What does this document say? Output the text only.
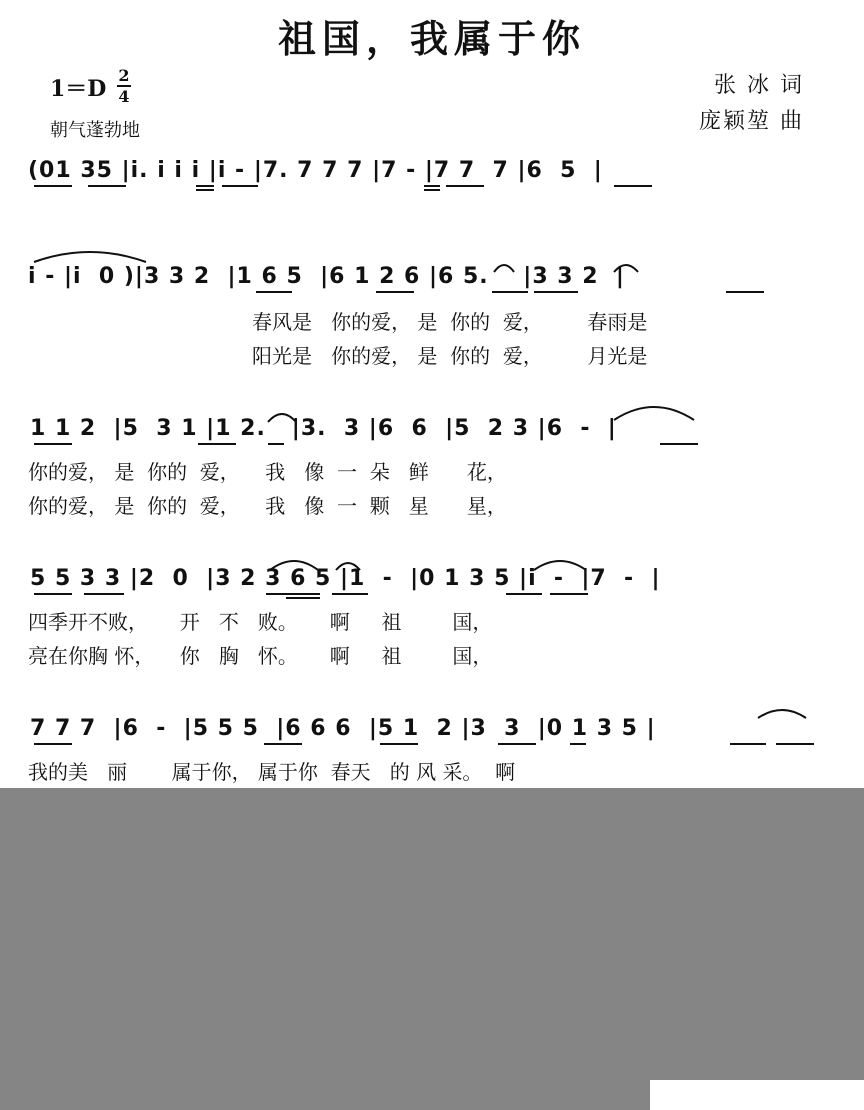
祖国，我属于你
1＝D
2
4
朝气蓬勃地
张 冰 词
庞颖堃 曲
(01 35 |i. i i i |i - |7. 7 7 7 |7 - |7 7  7 |6  5  |
i - |i  0 )|3 3 2  |1 6 5  |6 1 2 6 |6 5.    |3 3 2  |
春风是   你的爱， 是  你的  爱，       春雨是
阳光是   你的爱， 是  你的  爱，       月光是
1 1 2  |5  3 1 |1 2.   |3.  3 |6  6  |5  2 3 |6  -  |
你的爱， 是  你的  爱，    我   像  一  朵   鲜      花，
你的爱， 是  你的  爱，    我   像  一  颗   星      星，
5 5 3 3 |2  0  |3 2 3 6 5 |1  -  |0 1 3 5 |i  -  |7  -  |
四季开不败，     开   不   败。     啊     祖        国，
亮在你胸 怀，    你   胸   怀。     啊     祖        国，
7 7 7  |6  -  |5 5 5  |6 6 6  |5 1  2 |3  3  |0 1 3 5 |
我的美   丽       属于你， 属于你  春天   的 风 采。  啊
